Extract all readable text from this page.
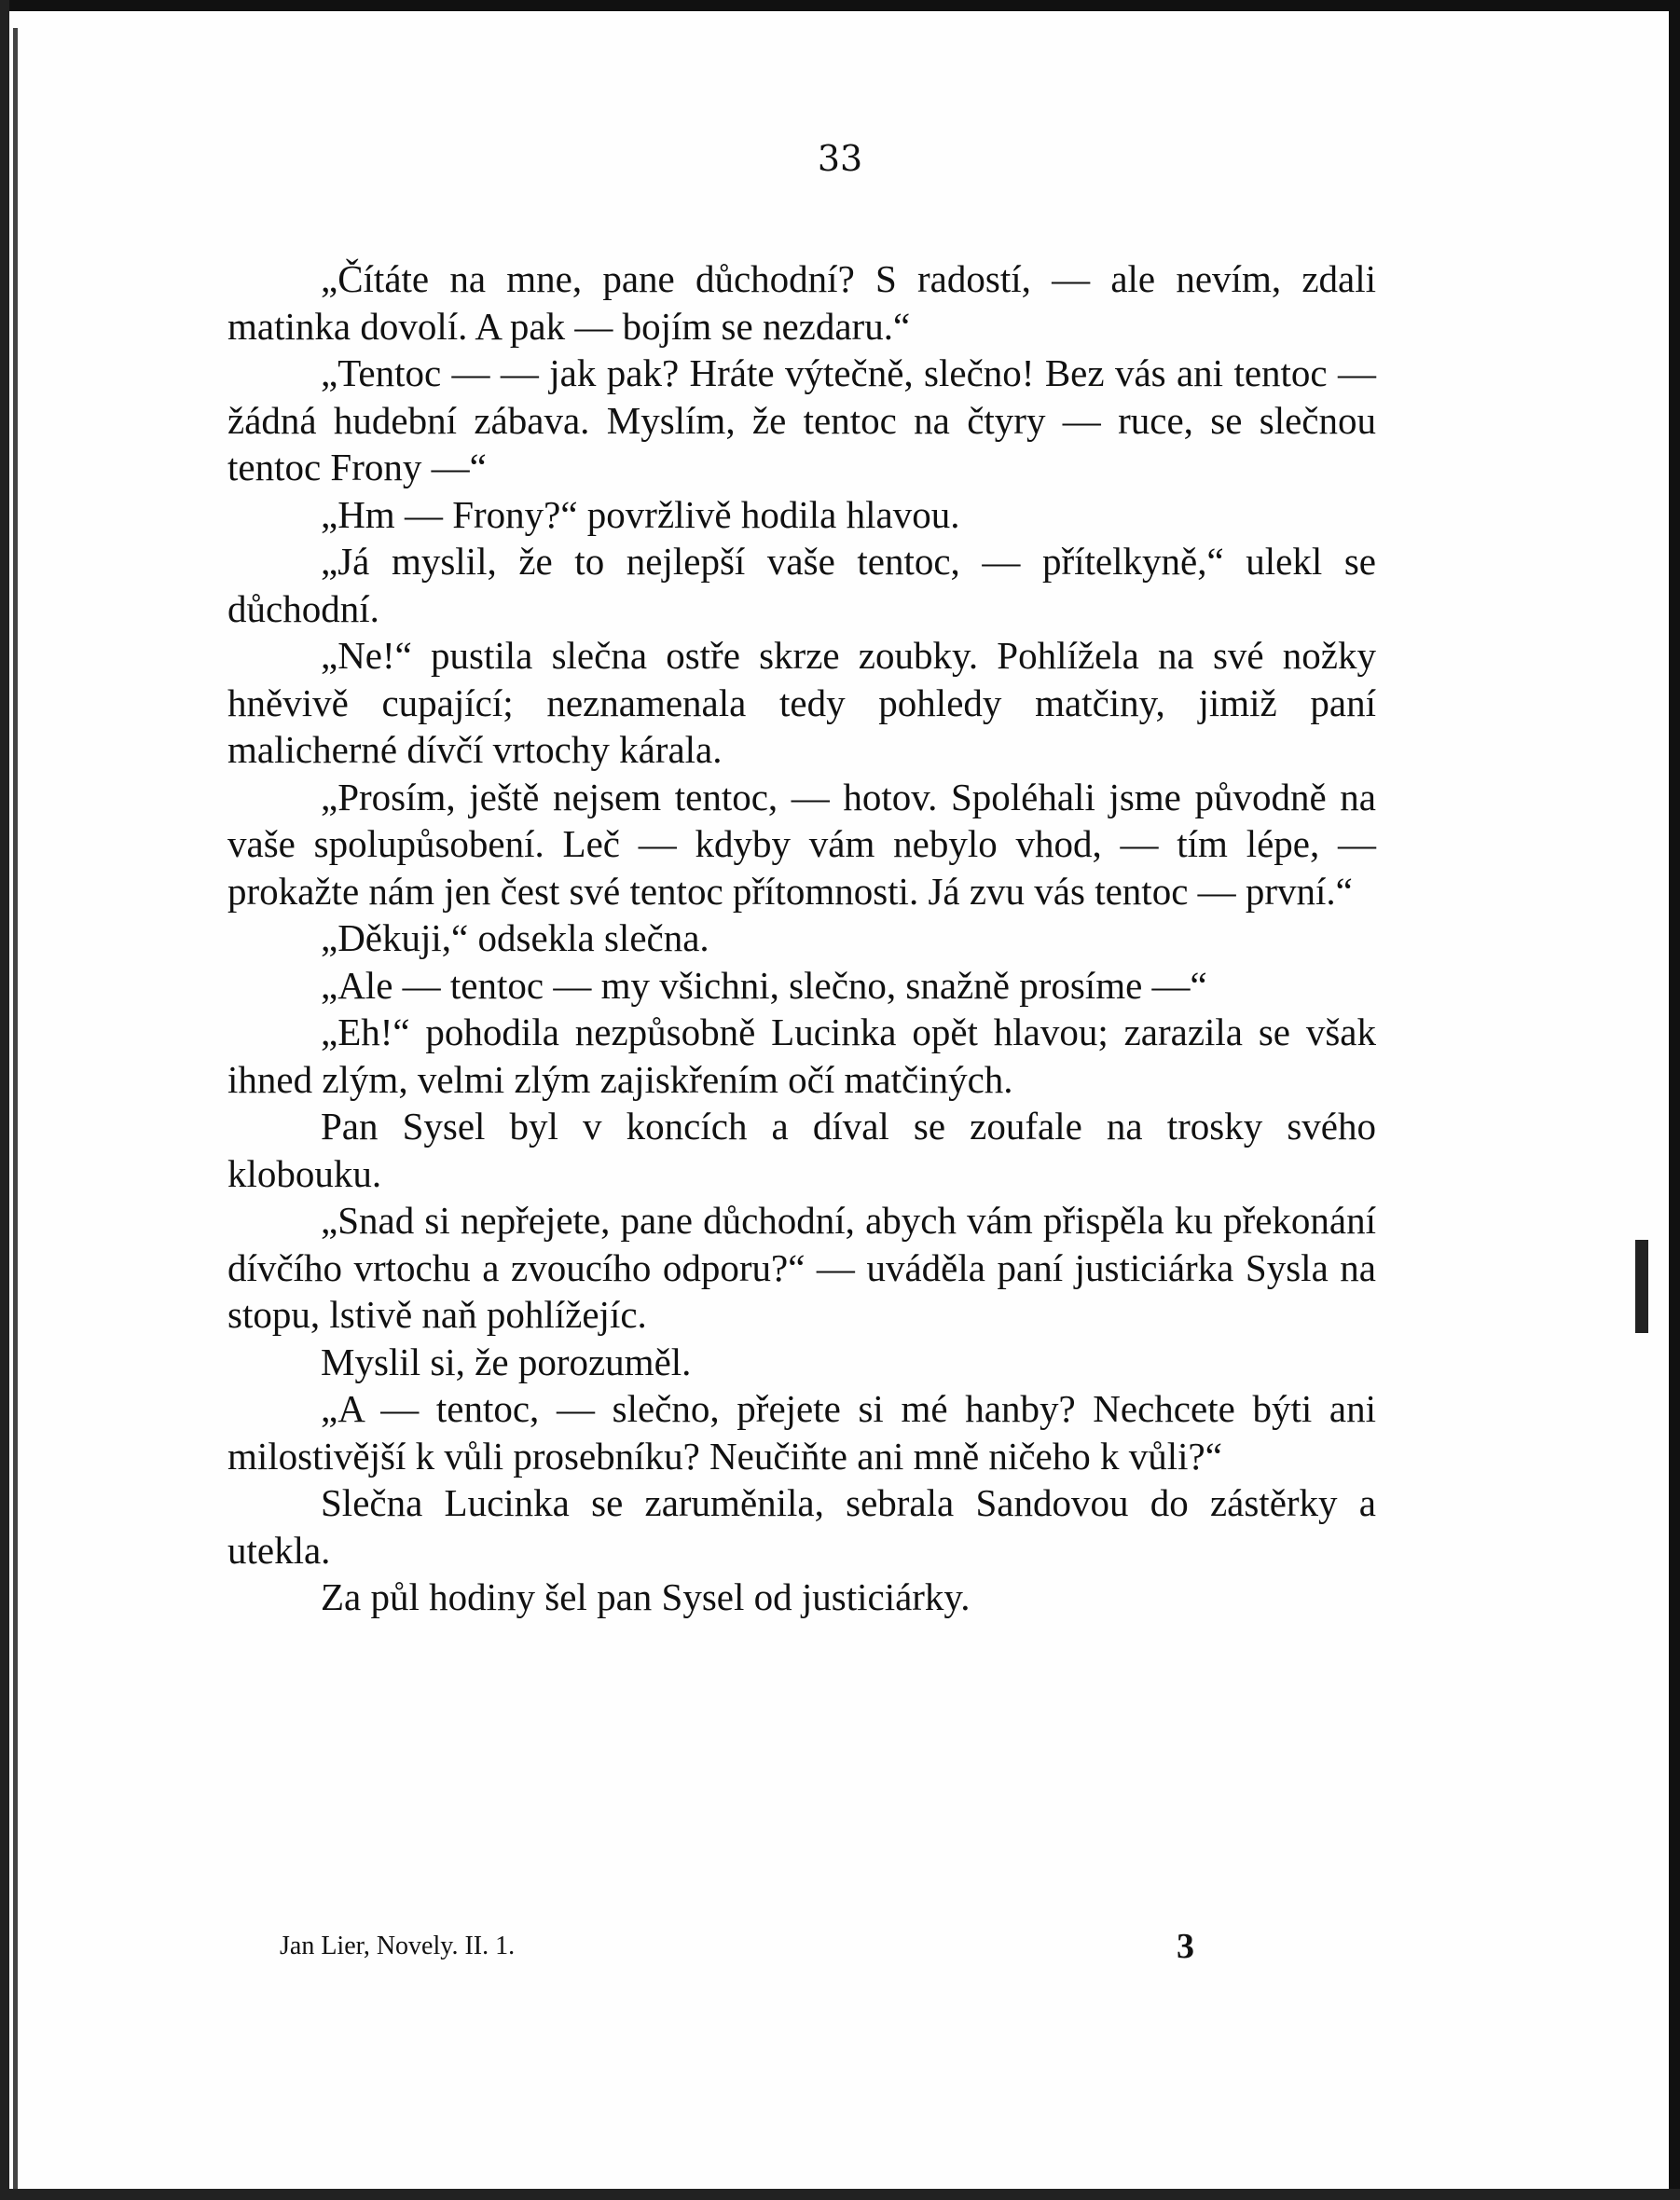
33

„Čítáte na mne, pane důchodní? S radostí, — ale nevím, zdali matinka dovolí. A pak — bojím se nezdaru.“

„Tentoc — — jak pak? Hráte výtečně, slečno! Bez vás ani tentoc — žádná hudební zábava. Myslím, že tentoc na čtyry — ruce, se slečnou tentoc Frony —“

„Hm — Frony?“ povržlivě hodila hlavou.

„Já myslil, že to nejlepší vaše tentoc, — přítelkyně,“ ulekl se důchodní.

„Ne!“ pustila slečna ostře skrze zoubky. Pohlížela na své nožky hněvivě cupající; neznamenala tedy pohledy matčiny, jimiž paní malicherné dívčí vrtochy kárala.

„Prosím, ještě nejsem tentoc, — hotov. Spoléhali jsme původně na vaše spolupůsobení. Leč — kdyby vám nebylo vhod, — tím lépe, — prokažte nám jen čest své tentoc přítomnosti. Já zvu vás tentoc — první.“

„Děkuji,“ odsekla slečna.

„Ale — tentoc — my všichni, slečno, snažně prosíme —“

„Eh!“ pohodila nezpůsobně Lucinka opět hlavou; zarazila se však ihned zlým, velmi zlým zajiskřením očí matčiných.

Pan Sysel byl v koncích a díval se zoufale na trosky svého klobouku.

„Snad si nepřejete, pane důchodní, abych vám přispěla ku překonání dívčího vrtochu a zvoucího odporu?“ — uváděla paní justiciárka Sysla na stopu, lstivě naň pohlížejíc.

Myslil si, že porozuměl.

„A — tentoc, — slečno, přejete si mé hanby? Nechcete býti ani milostivější k vůli prosebníku? Neučiňte ani mně ničeho k vůli?“

Slečna Lucinka se zaruměnila, sebrala Sandovou do zástěrky a utekla.

Za půl hodiny šel pan Sysel od justiciárky.

Jan Lier, Novely. II. 1.	3
